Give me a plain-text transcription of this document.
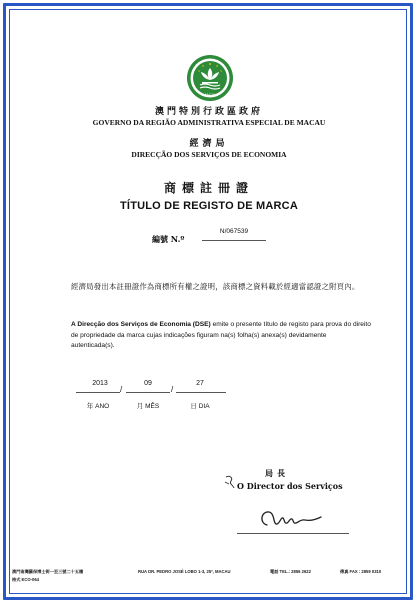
MACAU
澳門特別行政區政府
GOVERNO DA REGIÃO ADMINISTRATIVA ESPECIAL DE MACAU
經濟局
DIRECÇÃO DOS SERVIÇOS DE ECONOMIA
商標註冊證
TÍTULO DE REGISTO DE MARCA
編號 N.º
N/067539
經濟局發出本註冊證作為商標所有權之證明，該商標之資料載於經適當認證之附頁內。
A Direcção dos Serviços de Economia (DSE) emite o presente título de registo para prova do direito de propriedade da marca cujas indicações figuram na(s) folha(s) anexa(s) devidamente autenticada(s).
2013
/
09
/
27
年 ANO	月 MÊS	日 DIA
局長
O Director dos Serviços
澳門南灣羅保博士街一至三號二十五樓
格式 ECO-064
RUA DR. PEDRO JOSÉ LOBO 1-3, 25º, MACAU	電話 TEL.: 2856 2622	傳真 FAX : 2859 0310
